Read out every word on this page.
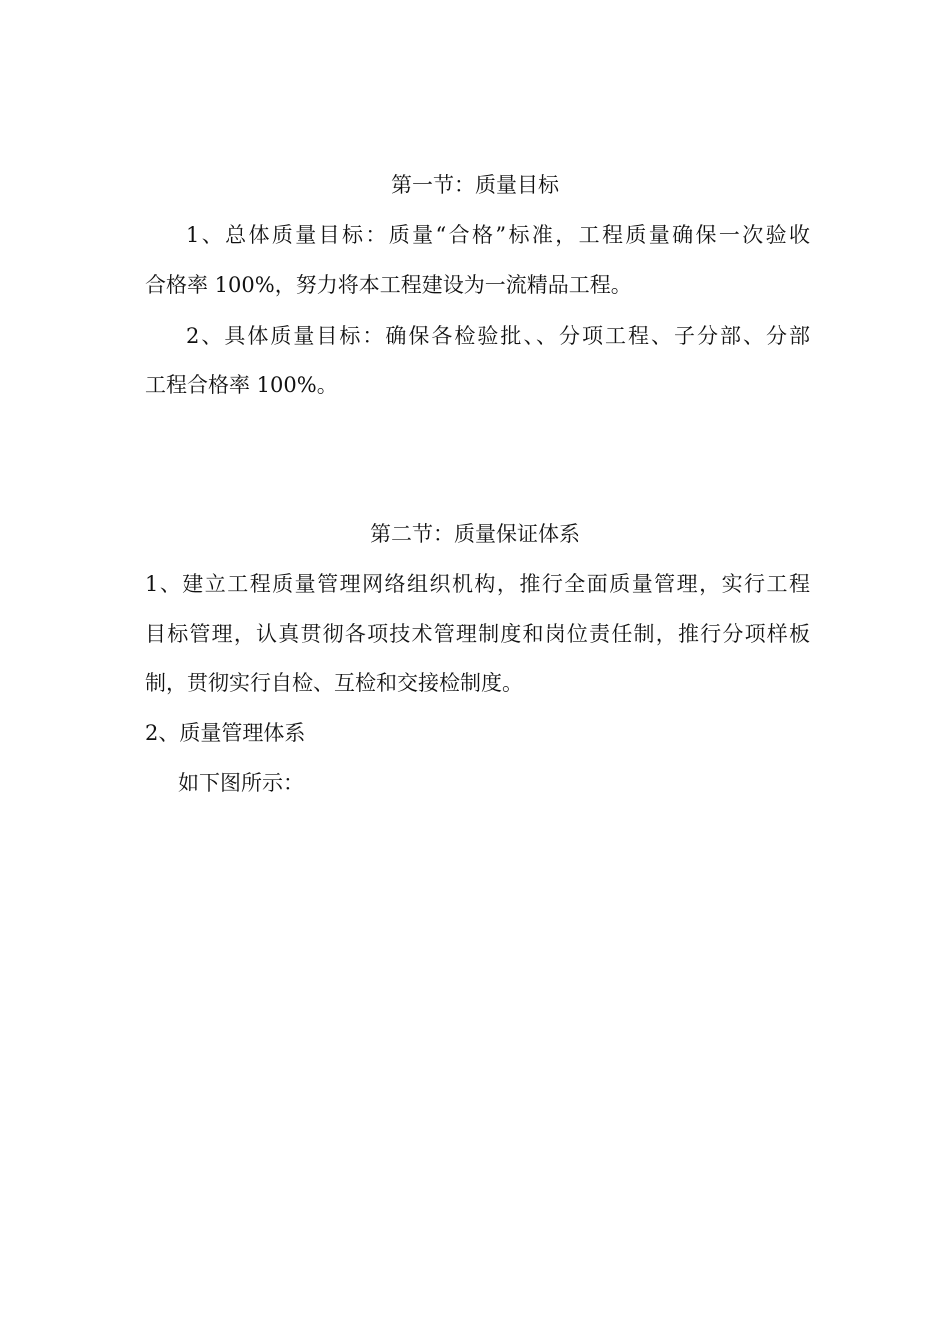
第一节：质量目标
1、总体质量目标：质量“合格”标准，工程质量确保一次验收
合格率 100%，努力将本工程建设为一流精品工程。
2、具体质量目标：确保各检验批、、分项工程、子分部、分部
工程合格率 100%。
第二节：质量保证体系
1、建立工程质量管理网络组织机构，推行全面质量管理，实行工程
目标管理，认真贯彻各项技术管理制度和岗位责任制，推行分项样板
制，贯彻实行自检、互检和交接检制度。
2、质量管理体系
如下图所示：
